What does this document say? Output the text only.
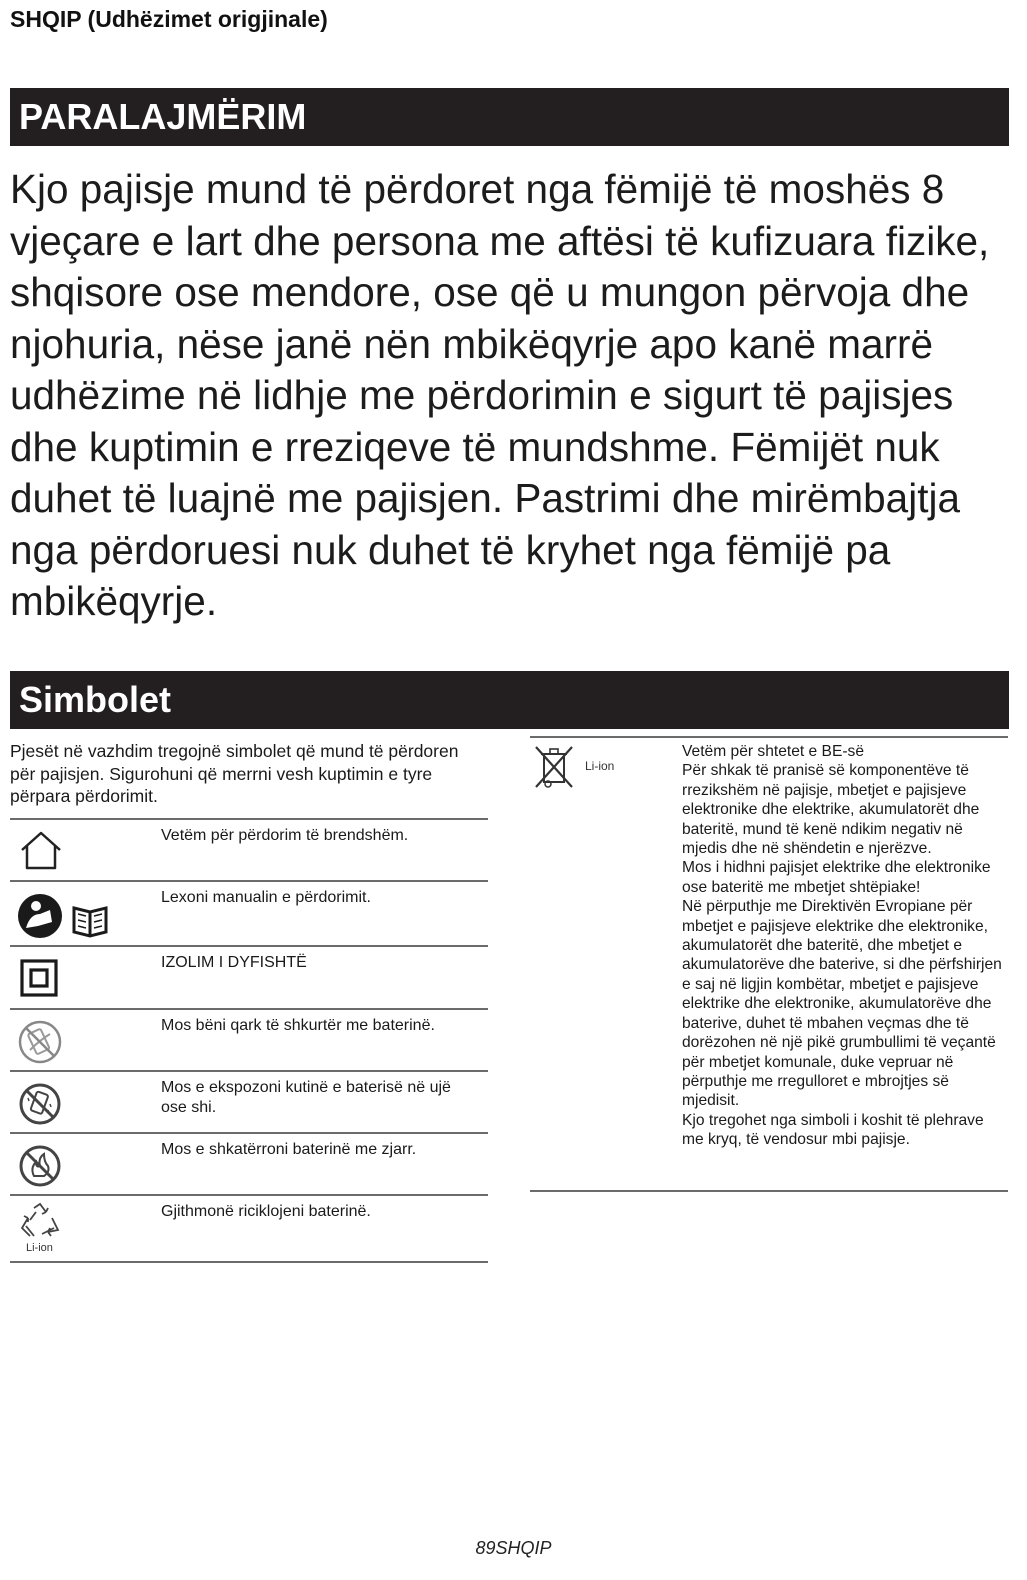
SHQIP (Udhëzimet origjinale)
PARALAJMËRIM

Kjo pajisje mund të përdoret nga fëmijë të moshës 8 vjeçare e lart dhe persona me aftësi të kufizuara fizike, shqisore ose mendore, ose që u mungon përvoja dhe njohuria, nëse janë nën mbikëqyrje apo kanë marrë udhëzime në lidhje me përdorimin e sigurt të pajisjes dhe kuptimin e rreziqeve të mundshme. Fëmijët nuk duhet të luajnë me pajisjen. Pastrimi dhe mirëmbajtja nga përdoruesi nuk duhet të kryhet nga fëmijë pa mbikëqyrje.

Simbolet

Pjesët në vazhdim tregojnë simbolet që mund të përdoren për pajisjen. Sigurohuni që merrni vesh kuptimin e tyre përpara përdorimit.

Vetëm për përdorim të brendshëm.
Lexoni manualin e përdorimit.
IZOLIM I DYFISHTË
Mos bëni qark të shkurtër me baterinë.
Mos e ekspozoni kutinë e baterisë në ujë ose shi.
Mos e shkatërroni baterinë me zjarr.
Li-ion
Gjithmonë riciklojeni baterinë.
Li-ion
Vetëm për shtetet e BE-së
Për shkak të pranisë së komponentëve të rrezikshëm në pajisje, mbetjet e pajisjeve elektronike dhe elektrike, akumulatorët dhe bateritë, mund të kenë ndikim negativ në mjedis dhe në shëndetin e njerëzve.
Mos i hidhni pajisjet elektrike dhe elektronike ose bateritë me mbetjet shtëpiake!
Në përputhje me Direktivën Evropiane për mbetjet e pajisjeve elektrike dhe elektronike, akumulatorët dhe bateritë, dhe mbetjet e akumulatorëve dhe baterive, si dhe përfshirjen e saj në ligjin kombëtar, mbetjet e pajisjeve elektrike dhe elektronike, akumulatorëve dhe baterive, duhet të mbahen veçmas dhe të dorëzohen në një pikë grumbullimi të veçantë për mbetjet komunale, duke vepruar në përputhje me rregulloret e mbrojtjes së mjedisit.
Kjo tregohet nga simboli i koshit të plehrave me kryq, të vendosur mbi pajisje.
89SHQIP
